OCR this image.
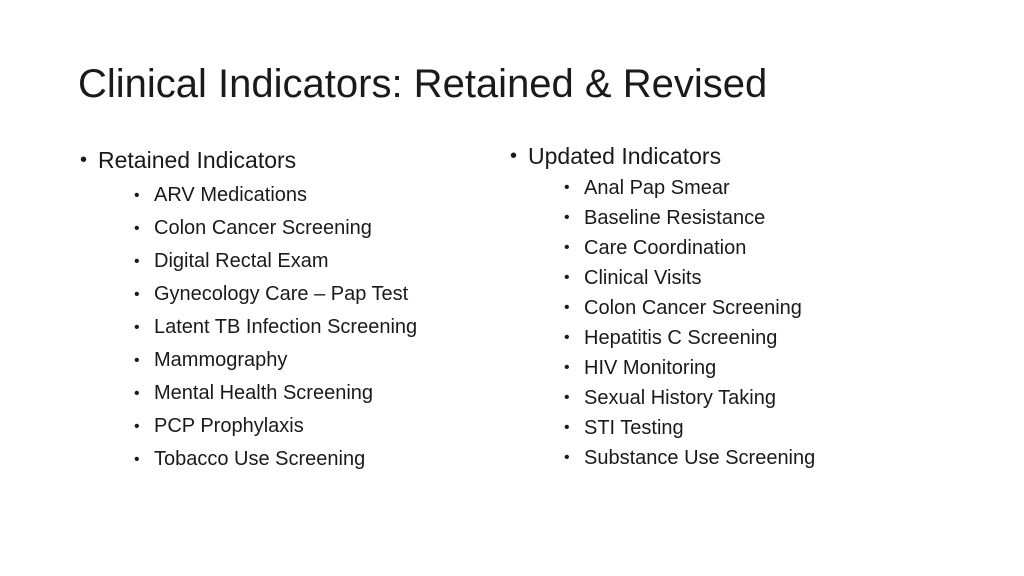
Clinical Indicators: Retained & Revised
• Retained Indicators
• ARV Medications
• Colon Cancer Screening
• Digital Rectal Exam
• Gynecology Care – Pap Test
• Latent TB Infection Screening
• Mammography
• Mental Health Screening
• PCP Prophylaxis
• Tobacco Use Screening
• Updated Indicators
• Anal Pap Smear
• Baseline Resistance
• Care Coordination
• Clinical Visits
• Colon Cancer Screening
• Hepatitis C Screening
• HIV Monitoring
• Sexual History Taking
• STI Testing
• Substance Use Screening
